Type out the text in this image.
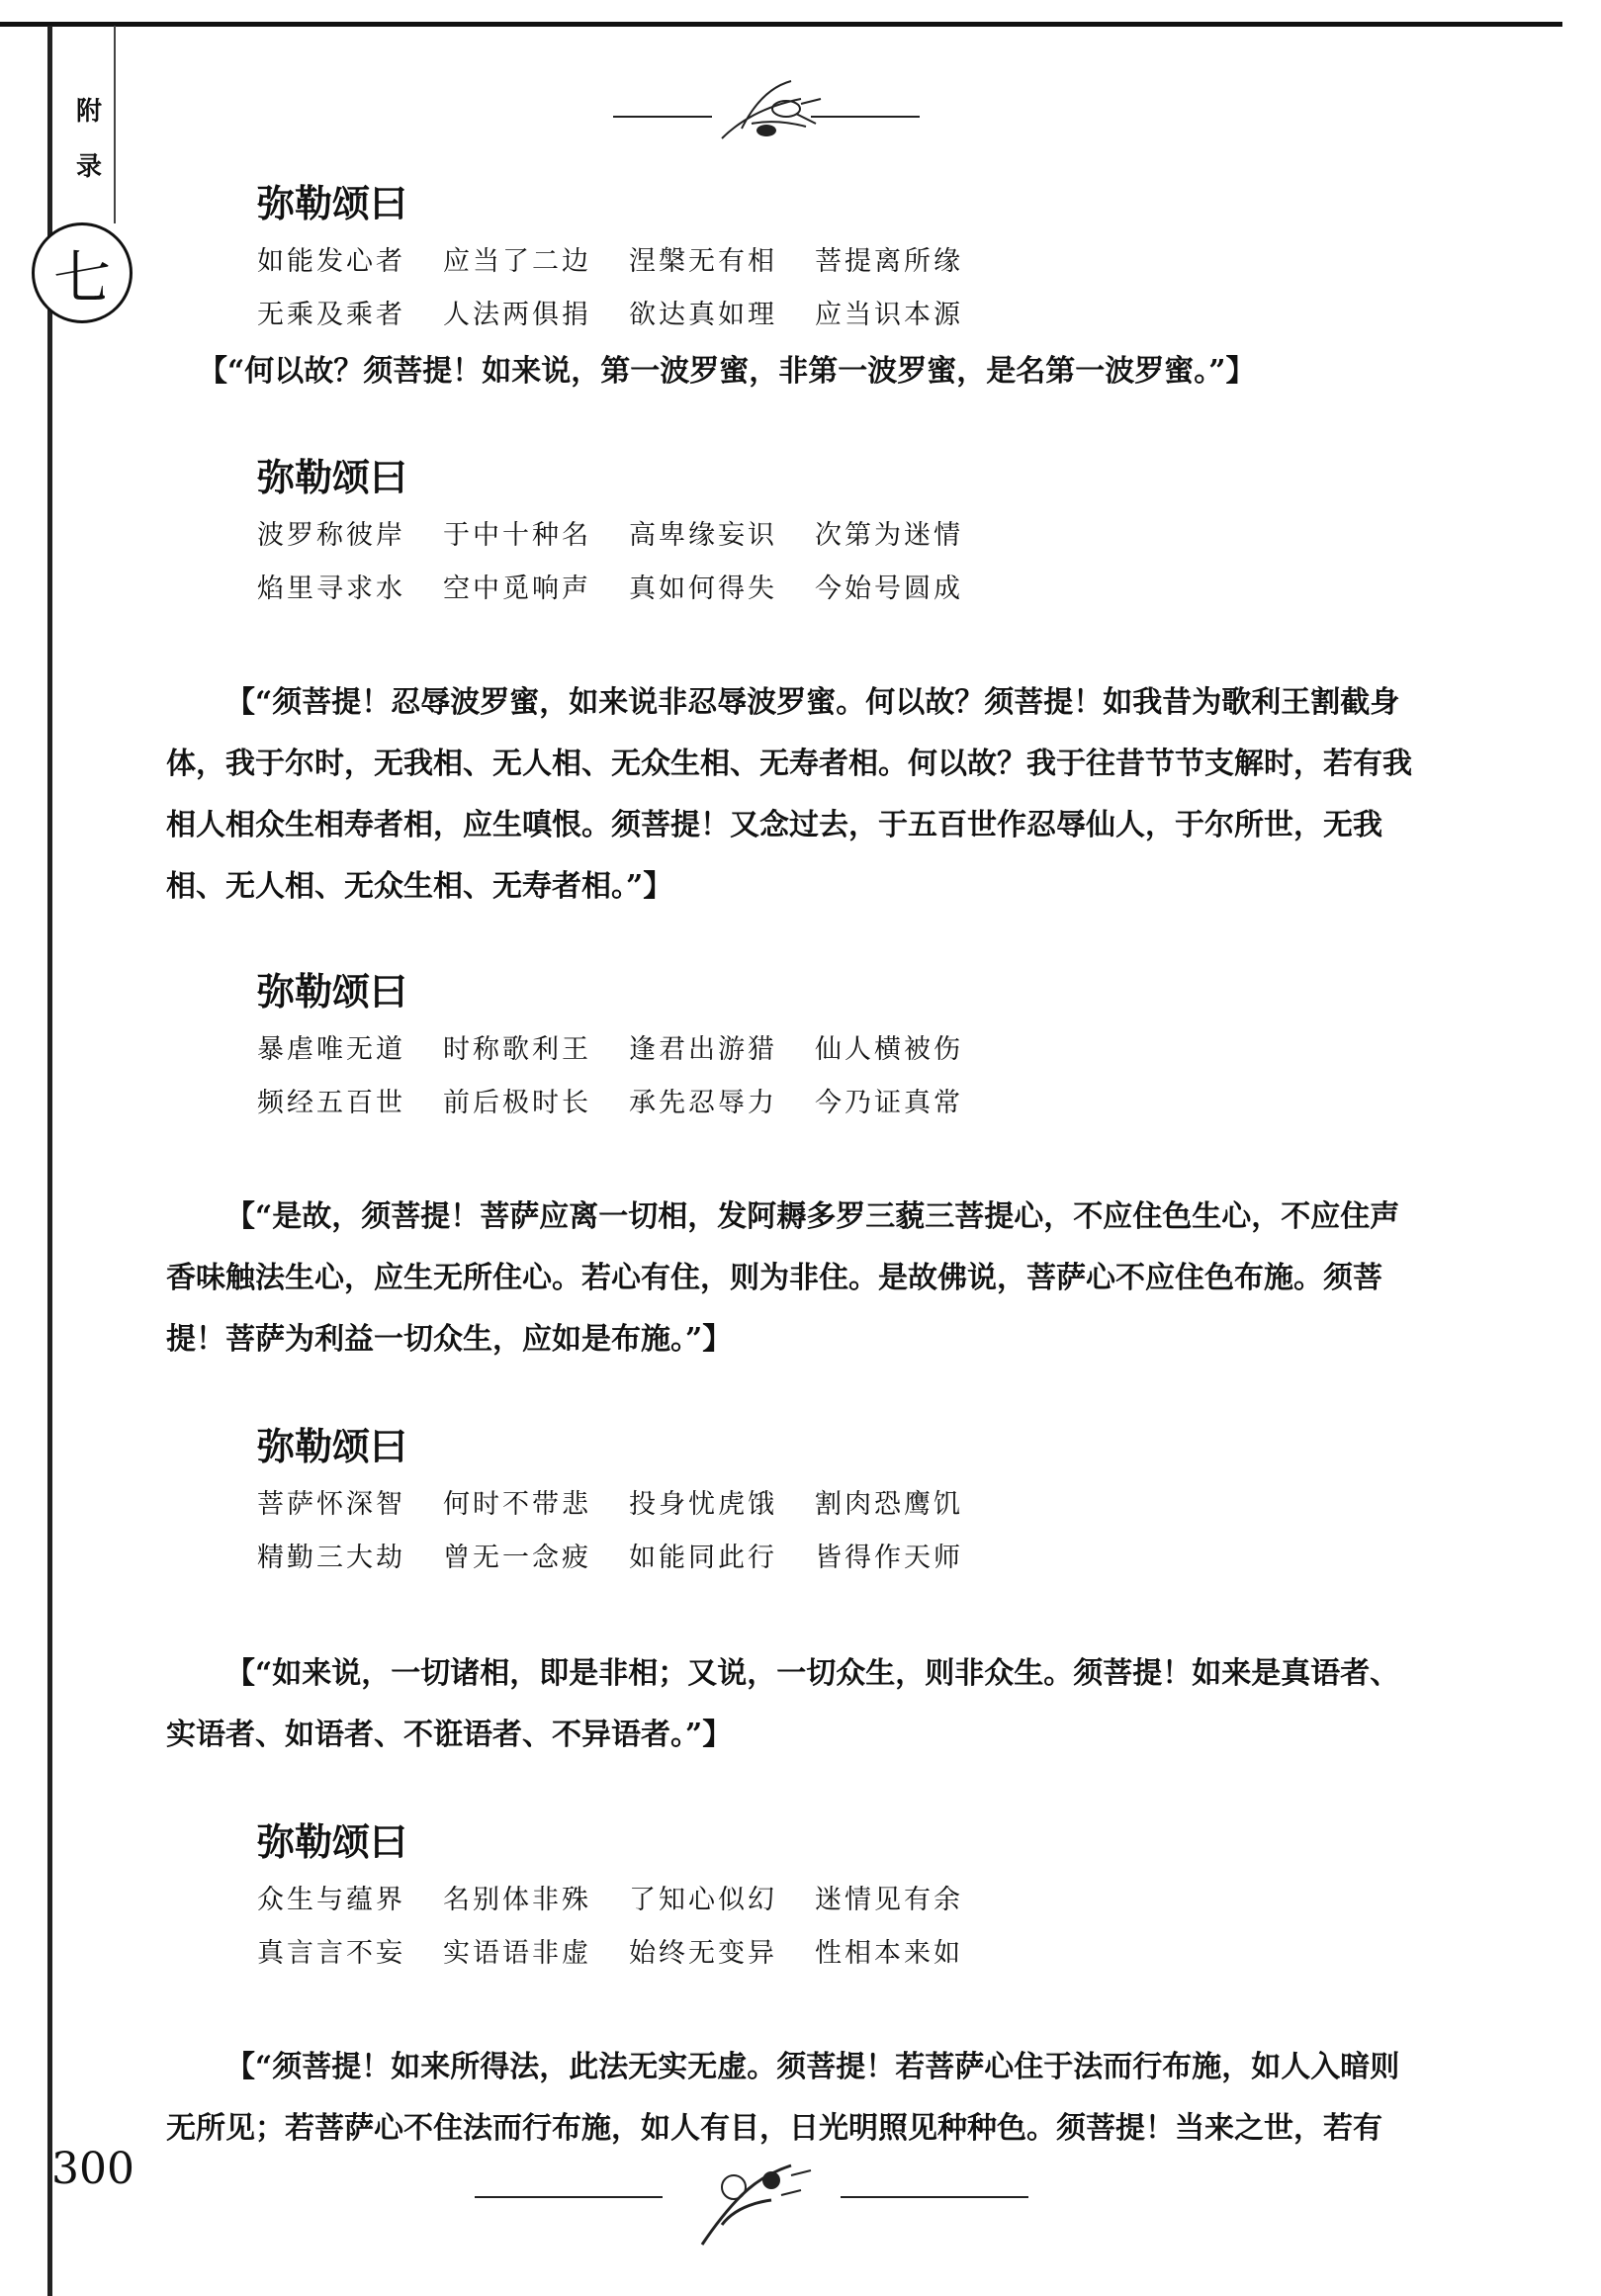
附
录
七
弥勒颂曰
如能发心者	应当了二边	涅槃无有相	菩提离所缘
无乘及乘者	人法两俱捐	欲达真如理	应当识本源
【“何以故？须菩提！如来说，第一波罗蜜，非第一波罗蜜，是名第一波罗蜜。”】
弥勒颂曰
波罗称彼岸	于中十种名	高卑缘妄识	次第为迷情
焰里寻求水	空中觅响声	真如何得失	今始号圆成
【“须菩提！忍辱波罗蜜，如来说非忍辱波罗蜜。何以故？须菩提！如我昔为歌利王割截身体，我于尔时，无我相、无人相、无众生相、无寿者相。何以故？我于往昔节节支解时，若有我相人相众生相寿者相，应生嗔恨。须菩提！又念过去，于五百世作忍辱仙人，于尔所世，无我相、无人相、无众生相、无寿者相。”】
弥勒颂曰
暴虐唯无道	时称歌利王	逢君出游猎	仙人横被伤
频经五百世	前后极时长	承先忍辱力	今乃证真常
【“是故，须菩提！菩萨应离一切相，发阿耨多罗三藐三菩提心，不应住色生心，不应住声香味触法生心，应生无所住心。若心有住，则为非住。是故佛说，菩萨心不应住色布施。须菩提！菩萨为利益一切众生，应如是布施。”】
弥勒颂曰
菩萨怀深智	何时不带悲	投身忧虎饿	割肉恐鹰饥
精勤三大劫	曾无一念疲	如能同此行	皆得作天师
【“如来说，一切诸相，即是非相；又说，一切众生，则非众生。须菩提！如来是真语者、实语者、如语者、不诳语者、不异语者。”】
弥勒颂曰
众生与蕴界	名别体非殊	了知心似幻	迷情见有余
真言言不妄	实语语非虚	始终无变异	性相本来如
【“须菩提！如来所得法，此法无实无虚。须菩提！若菩萨心住于法而行布施，如人入暗则无所见；若菩萨心不住法而行布施，如人有目，日光明照见种种色。须菩提！当来之世，若有
300
